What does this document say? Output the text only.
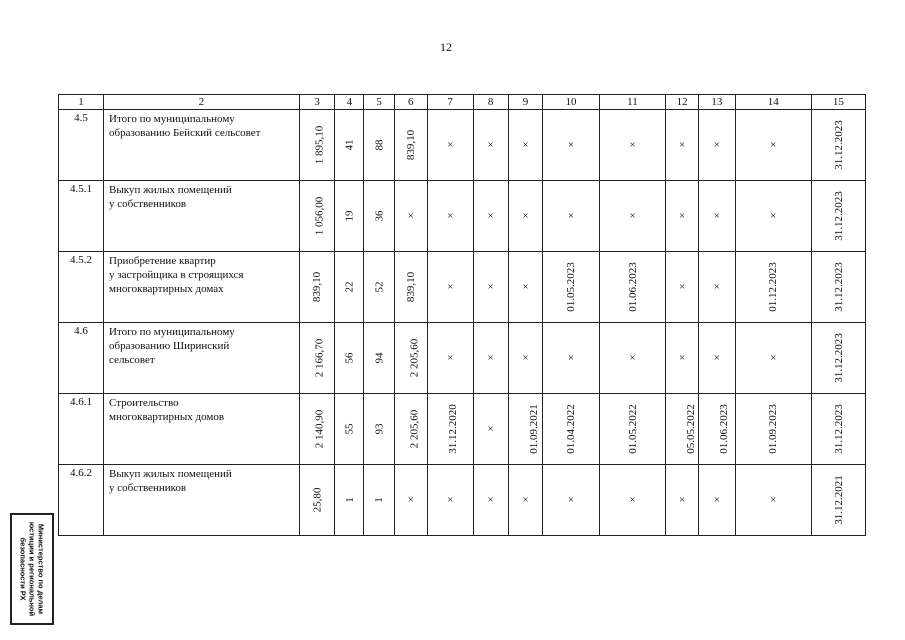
12
1	2	3	4	5	6	7	8	9	10	11	12	13	14	15
4.5	Итого по муниципальному
образованию Бейский сельсовет	1 895,10	41	88	839,10	×	×	×	×	×	×	×	×	31.12.2023
4.5.1	Выкуп жилых помещений
у собственников	1 056,00	19	36	×	×	×	×	×	×	×	×	×	31.12.2023
4.5.2	Приобретение квартир
у застройщика в строящихся
многоквартирных домах	839,10	22	52	839,10	×	×	×	01.05.2023	01.06.2023	×	×	01.12.2023	31.12.2023
4.6	Итого по муниципальному
образованию Ширинский
сельсовет	2 166,70	56	94	2 205,60	×	×	×	×	×	×	×	×	31.12.2023
4.6.1	Строительство
многоквартирных домов	2 140,90	55	93	2 205,60	31.12.2020	×	01.09.2021	01.04.2022	01.05.2022	05.05.2022	01.06.2023	01.09.2023	31.12.2023
4.6.2	Выкуп жилых помещений
у собственников	25,80	1	1	×	×	×	×	×	×	×	×	×	31.12.2021
Министерство по делам
юстиции и региональной
безопасности РХ
